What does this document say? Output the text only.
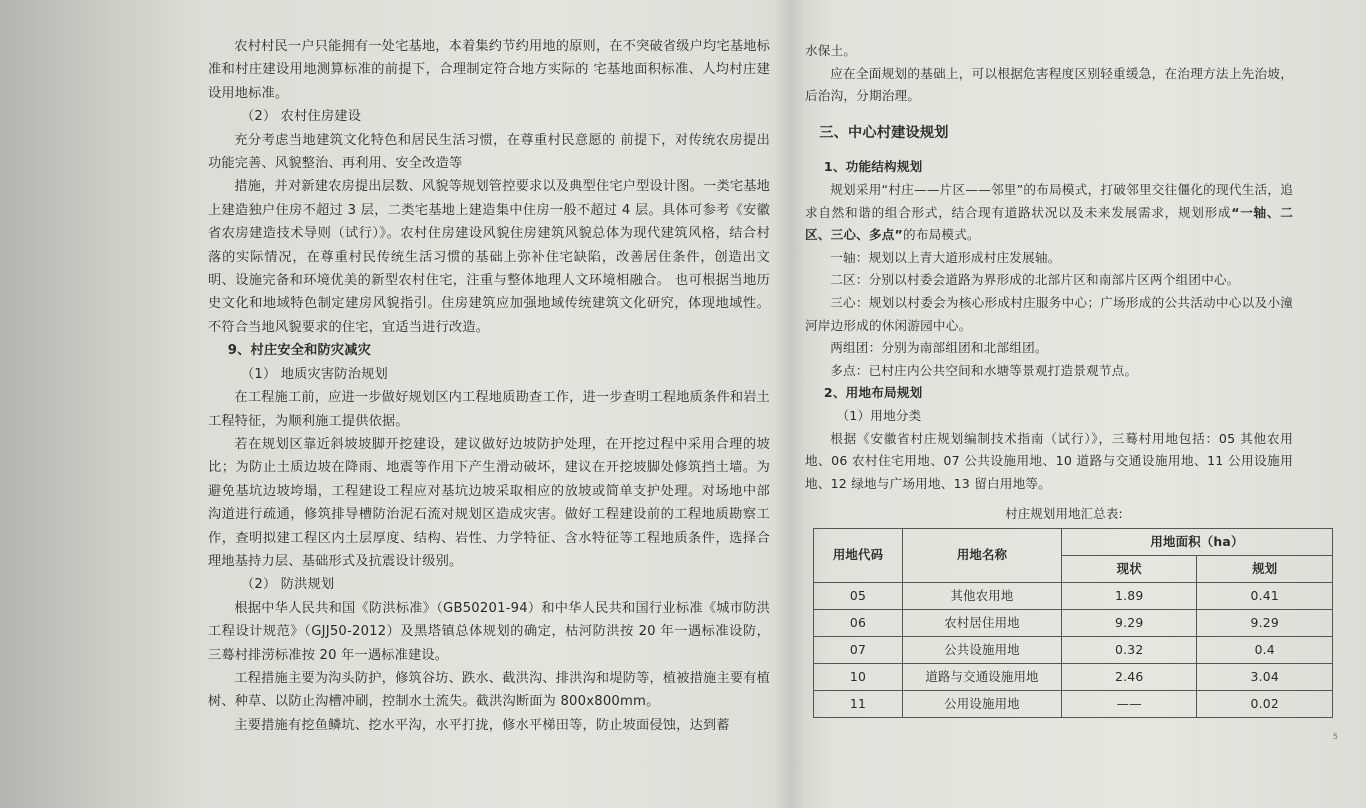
农村村民一户只能拥有一处宅基地，本着集约节约用地的原则，在不突破省级户均宅基地标准和村庄建设用地测算标准的前提下，合理制定符合地方实际的 宅基地面积标准、人均村庄建设用地标准。

（2） 农村住房建设

充分考虑当地建筑文化特色和居民生活习惯，在尊重村民意愿的 前提下，对传统农房提出功能完善、风貌整治、再利用、安全改造等

措施，并对新建农房提出层数、风貌等规划管控要求以及典型住宅户型设计图。一类宅基地上建造独户住房不超过 3 层，二类宅基地上建造集中住房一般不超过 4 层。具体可参考《安徽省农房建造技术导则（试行）》。农村住房建设风貌住房建筑风貌总体为现代建筑风格，结合村落的实际情况，在尊重村民传统生活习惯的基础上弥补住宅缺陷，改善居住条件，创造出文明、设施完备和环境优美的新型农村住宅，注重与整体地理人文环境相融合。 也可根据当地历史文化和地域特色制定建房风貌指引。住房建筑应加强地域传统建筑文化研究，体现地域性。不符合当地风貌要求的住宅，宜适当进行改造。

9、村庄安全和防灾减灾

（1） 地质灾害防治规划

在工程施工前，应进一步做好规划区内工程地质勘查工作，进一步查明工程地质条件和岩土工程特征，为顺利施工提供依据。

若在规划区靠近斜坡坡脚开挖建设，建议做好边坡防护处理，在开挖过程中采用合理的坡比；为防止土质边坡在降雨、地震等作用下产生滑动破坏，建议在开挖坡脚处修筑挡土墙。为避免基坑边坡垮塌，工程建设工程应对基坑边坡采取相应的放坡或简单支护处理。对场地中部沟道进行疏通，修筑排导槽防治泥石流对规划区造成灾害。做好工程建设前的工程地质勘察工作，查明拟建工程区内土层厚度、结构、岩性、力学特征、含水特征等工程地质条件，选择合理地基持力层、基础形式及抗震设计级别。

（2） 防洪规划

根据中华人民共和国《防洪标准》（GB50201-94）和中华人民共和国行业标准《城市防洪工程设计规范》（GJJ50-2012）及黑塔镇总体规划的确定，枯河防洪按 20 年一遇标准设防，三蓦村排涝标准按 20 年一遇标准建设。

工程措施主要为沟头防护，修筑谷坊、跌水、截洪沟、排洪沟和堤防等，植被措施主要有植树、种草、以防止沟槽冲刷，控制水土流失。截洪沟断面为 800x800mm。

主要措施有挖鱼鳞坑、挖水平沟，水平打拢，修水平梯田等，防止坡面侵蚀，达到蓄

水保土。

应在全面规划的基础上，可以根据危害程度区别轻重缓急，在治理方法上先治坡，后治沟，分期治理。

三、中心村建设规划

1、功能结构规划

规划采用“村庄——片区——邻里”的布局模式，打破邻里交往僵化的现代生活，追求自然和谐的组合形式，结合现有道路状况以及未来发展需求，规划形成“一轴、二区、三心、多点”的布局模式。

一轴：规划以上青大道形成村庄发展轴。

二区：分别以村委会道路为界形成的北部片区和南部片区两个组团中心。

三心：规划以村委会为核心形成村庄服务中心；广场形成的公共活动中心以及小潼河岸边形成的休闲游园中心。

两组团：分别为南部组团和北部组团。

多点：已村庄内公共空间和水塘等景观打造景观节点。

2、用地布局规划

（1）用地分类

根据《安徽省村庄规划编制技术指南（试行）》，三蓦村用地包括：05 其他农用地、06 农村住宅用地、07 公共设施用地、10 道路与交通设施用地、11 公用设施用地、12 绿地与广场用地、13 留白用地等。

村庄规划用地汇总表:
用地代码	用地名称	用地面积（ha）	
		现状	规划
05	其他农用地	1.89	0.41
06	农村居住用地	9.29	9.29
07	公共设施用地	0.32	0.4
10	道路与交通设施用地	2.46	3.04
11	公用设施用地	——	0.02
5
